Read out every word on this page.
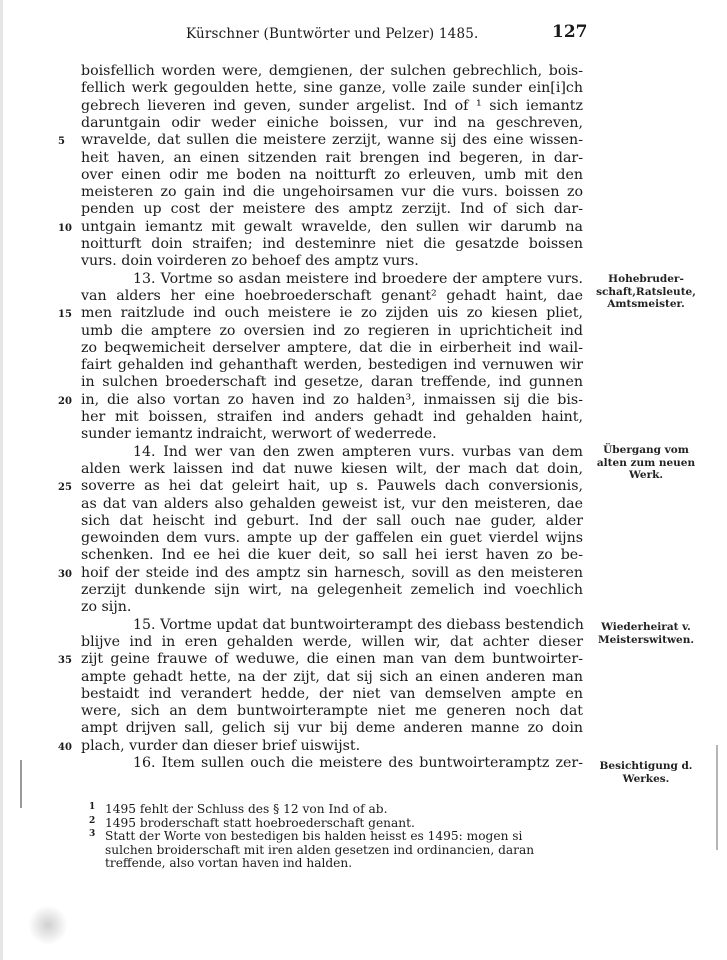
Kürschner (Buntwörter und Pelzer) 1485.	127
boisfellich worden were, demgienen, der sulchen gebrechlich, bois-
fellich werk gegoulden hette, sine ganze, volle zaile sunder ein[i]ch
gebrech lieveren ind geven, sunder argelist. Ind of ¹ sich iemantz
daruntgain odir weder einiche boissen, vur ind na geschreven,
wravelde, dat sullen die meistere zerzijt, wanne sij des eine wissen-
5
heit haven, an einen sitzenden rait brengen ind begeren, in dar-
over einen odir me boden na noitturft zo erleuven, umb mit den
meisteren zo gain ind die ungehoirsamen vur die vurs. boissen zo
penden up cost der meistere des amptz zerzijt. Ind of sich dar-
untgain iemantz mit gewalt wravelde, den sullen wir darumb na
10
noitturft doin straifen; ind desteminre niet die gesatzde boissen
vurs. doin voirderen zo behoef des amptz vurs.
13. Vortme so asdan meistere ind broedere der amptere vurs.
van alders her eine hoebroederschaft genant² gehadt haint, dae
men raitzlude ind ouch meistere ie zo zijden uis zo kiesen pliet,
15
umb die amptere zo oversien ind zo regieren in uprichticheit ind
zo beqwemicheit derselver amptere, dat die in eirberheit ind wail-
fairt gehalden ind gehanthaft werden, bestedigen ind vernuwen wir
in sulchen broederschaft ind gesetze, daran treffende, ind gunnen
in, die also vortan zo haven ind zo halden³, inmaissen sij die bis-
20
her mit boissen, straifen ind anders gehadt ind gehalden haint,
sunder iemantz indraicht, werwort of wederrede.
14. Ind wer van den zwen ampteren vurs. vurbas van dem
alden werk laissen ind dat nuwe kiesen wilt, der mach dat doin,
soverre as hei dat geleirt hait, up s. Pauwels dach conversionis,
25
as dat van alders also gehalden geweist ist, vur den meisteren, dae
sich dat heischt ind geburt. Ind der sall ouch nae guder, alder
gewoinden dem vurs. ampte up der gaffelen ein guet vierdel wijns
schenken. Ind ee hei die kuer deit, so sall hei ierst haven zo be-
hoif der steide ind des amptz sin harnesch, sovill as den meisteren
30
zerzijt dunkende sijn wirt, na gelegenheit zemelich ind voechlich
zo sijn.
15. Vortme updat dat buntwoirterampt des diebass bestendich
blijve ind in eren gehalden werde, willen wir, dat achter dieser
zijt geine frauwe of weduwe, die einen man van dem buntwoirter-
35
ampte gehadt hette, na der zijt, dat sij sich an einen anderen man
bestaidt ind verandert hedde, der niet van demselven ampte en
were, sich an dem buntwoirterampte niet me generen noch dat
ampt drijven sall, gelich sij vur bij deme anderen manne zo doin
plach, vurder dan dieser brief uiswijst.
40
16. Item sullen ouch die meistere des buntwoirteramptz zer-
Hohebruder-
schaft,Ratsleute,
Amtsmeister.
Übergang vom
alten zum neuen
Werk.
Wiederheirat v.
Meisterswitwen.
Besichtigung d.
Werkes.
1 1495 fehlt der Schluss des § 12 von Ind of ab.
2 1495 broderschaft statt hoebroederschaft genant.
3 Statt der Worte von bestedigen bis halden heisst es 1495: mogen si
sulchen broiderschaft mit iren alden gesetzen ind ordinancien, daran
treffende, also vortan haven ind halden.
